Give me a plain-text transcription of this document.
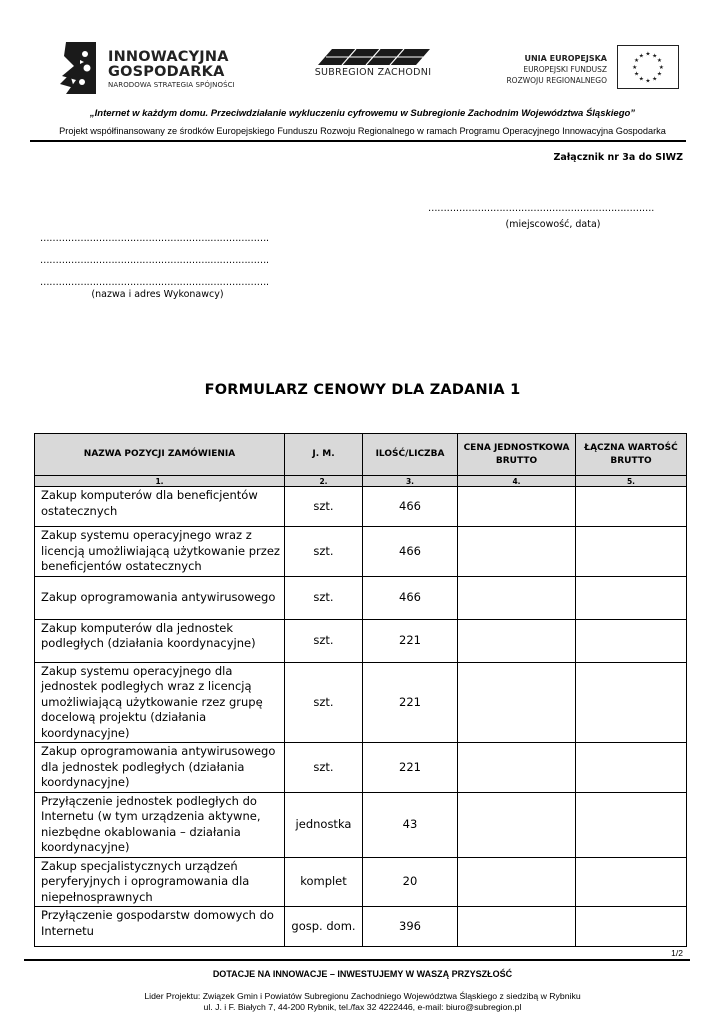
INNOWACYJNA
GOSPODARKA
NARODOWA STRATEGIA SPÓJNOŚCI
SUBREGION ZACHODNI
UNIA EUROPEJSKA
EUROPEJSKI FUNDUSZ
ROZWOJU REGIONALNEGO
★ ★
★
★
★
★
★
★
★
★
★
★
„Internet w każdym domu. Przeciwdziałanie wykluczeniu cyfrowemu w Subregionie Zachodnim Województwa Śląskiego”
Projekt współfinansowany ze środków Europejskiego Funduszu Rozwoju Regionalnego w ramach Programu Operacyjnego Innowacyjna Gospodarka
Załącznik nr 3a do SIWZ
……………………………………………………………….
(miejscowość, data)
……………………………………………….……………….
……………………………………………….……………….
……………………………………………….……………….
(nazwa i adres Wykonawcy)
FORMULARZ CENOWY DLA ZADANIA 1
NAZWA POZYCJI ZAMÓWIENIA	J. M.	ILOŚĆ/LICZBA	CENA JEDNOSTKOWA BRUTTO	ŁĄCZNA WARTOŚĆ BRUTTO
1.	2.	3.	4.	5.
Zakup komputerów dla beneficjentów ostatecznych	szt.	466		
Zakup systemu operacyjnego wraz z licencją umożliwiającą użytkowanie przez beneficjentów ostatecznych	szt.	466		
Zakup oprogramowania antywirusowego	szt.	466		
Zakup komputerów dla jednostek podległych (działania koordynacyjne)	szt.	221		
Zakup systemu operacyjnego dla jednostek podległych wraz z licencją umożliwiającą użytkowanie rzez grupę docelową projektu (działania koordynacyjne)	szt.	221		
Zakup oprogramowania antywirusowego dla jednostek podległych (działania koordynacyjne)	szt.	221		
Przyłączenie jednostek podległych do Internetu (w tym urządzenia aktywne, niezbędne okablowania – działania koordynacyjne)	jednostka	43		
Zakup specjalistycznych urządzeń peryferyjnych i oprogramowania dla niepełnosprawnych	komplet	20		
Przyłączenie gospodarstw domowych do Internetu	gosp. dom.	396		
1/2
DOTACJE NA INNOWACJE – INWESTUJEMY W WASZĄ PRZYSZŁOŚĆ
Lider Projektu: Związek Gmin i Powiatów Subregionu Zachodniego Województwa Śląskiego z siedzibą w Rybniku
ul. J. i F. Białych 7, 44-200 Rybnik, tel./fax 32 4222446, e-mail: biuro@subregion.pl
